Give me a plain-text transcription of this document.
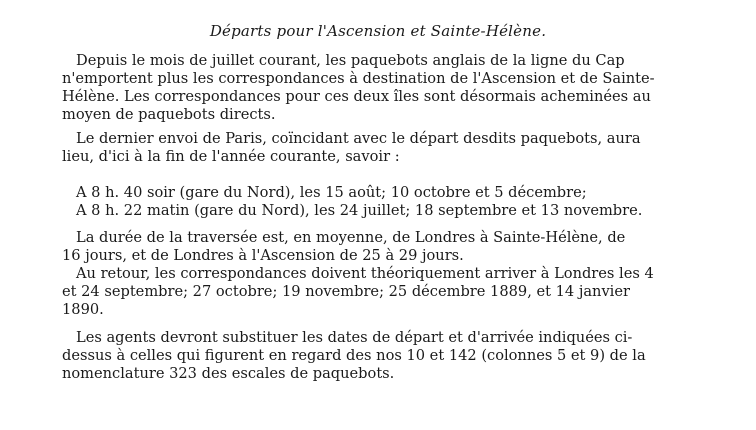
Départs pour l'Ascension et Sainte-Hélène.
Depuis le mois de juillet courant, les paquebots anglais de la ligne du Cap
n'emportent plus les correspondances à destination de l'Ascension et de Sainte-
Hélène. Les correspondances pour ces deux îles sont désormais acheminées au
moyen de paquebots directs.
Le dernier envoi de Paris, coïncidant avec le départ desdits paquebots, aura
lieu, d'ici à la fin de l'année courante, savoir :
A 8 h. 40 soir (gare du Nord), les 15 août; 10 octobre et 5 décembre;
A 8 h. 22 matin (gare du Nord), les 24 juillet; 18 septembre et 13 novembre.
La durée de la traversée est, en moyenne, de Londres à Sainte-Hélène, de
16 jours, et de Londres à l'Ascension de 25 à 29 jours.
Au retour, les correspondances doivent théoriquement arriver à Londres les 4
et 24 septembre; 27 octobre; 19 novembre; 25 décembre 1889, et 14 janvier
1890.
Les agents devront substituer les dates de départ et d'arrivée indiquées ci-
dessus à celles qui figurent en regard des nos 10 et 142 (colonnes 5 et 9) de la
nomenclature 323 des escales de paquebots.
